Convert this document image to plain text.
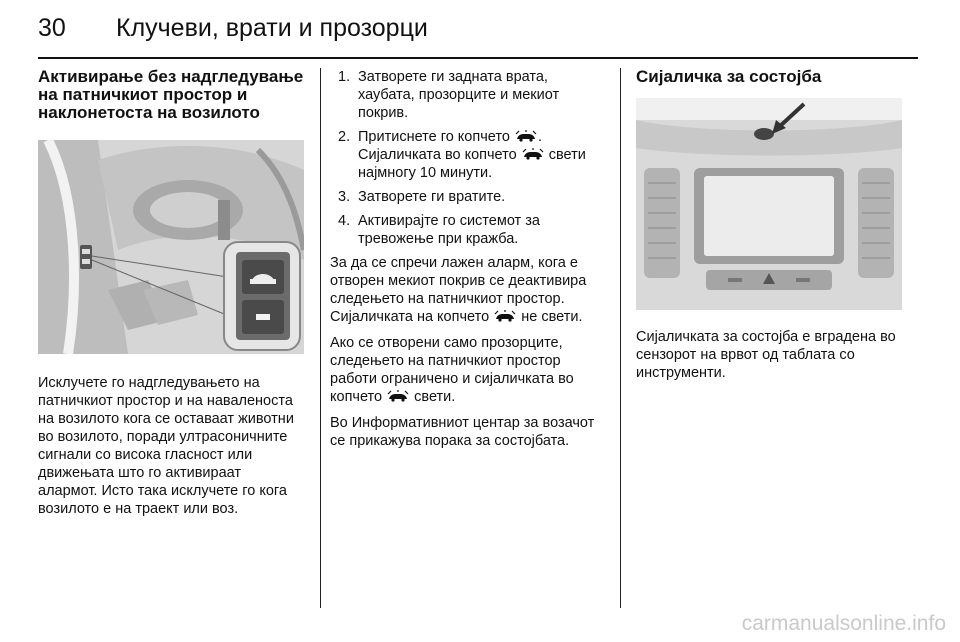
30 Клучеви, врати и прозорци
Активирање без надгледување на патничкиот простор и наклонетоста на возилото

Исклучете го надгледувањето на патничкиот простор и на наваленоста на возилото кога се оставаат животни во возилото, поради ултрасоничните сигнали со висока гласност или движењата што го активираат алармот. Исто така исклучете го кога возилото е на траект или воз.

1. Затворете ги задната врата, хаубата, прозорците и мекиот покрив.
2. Притиснете го копчето . Сијаличката во копчето  свети најмногу 10 минути.
3. Затворете ги вратите.
4. Активирајте го системот за тревожење при кражба.

За да се спречи лажен аларм, кога е отворен мекиот покрив се деактивира следењето на патничкиот простор. Сијаличката на копчето  не свети.

Ако се отворени само прозорците, следењето на патничкиот простор работи ограничено и сијаличката во копчето  свети.

Во Информативниот центар за возачот се прикажува порака за состојбата.

Сијаличка за состојба

Сијаличката за состојба е вградена во сензорот на врвот од таблата со инструменти.

carmanualsonline.info
